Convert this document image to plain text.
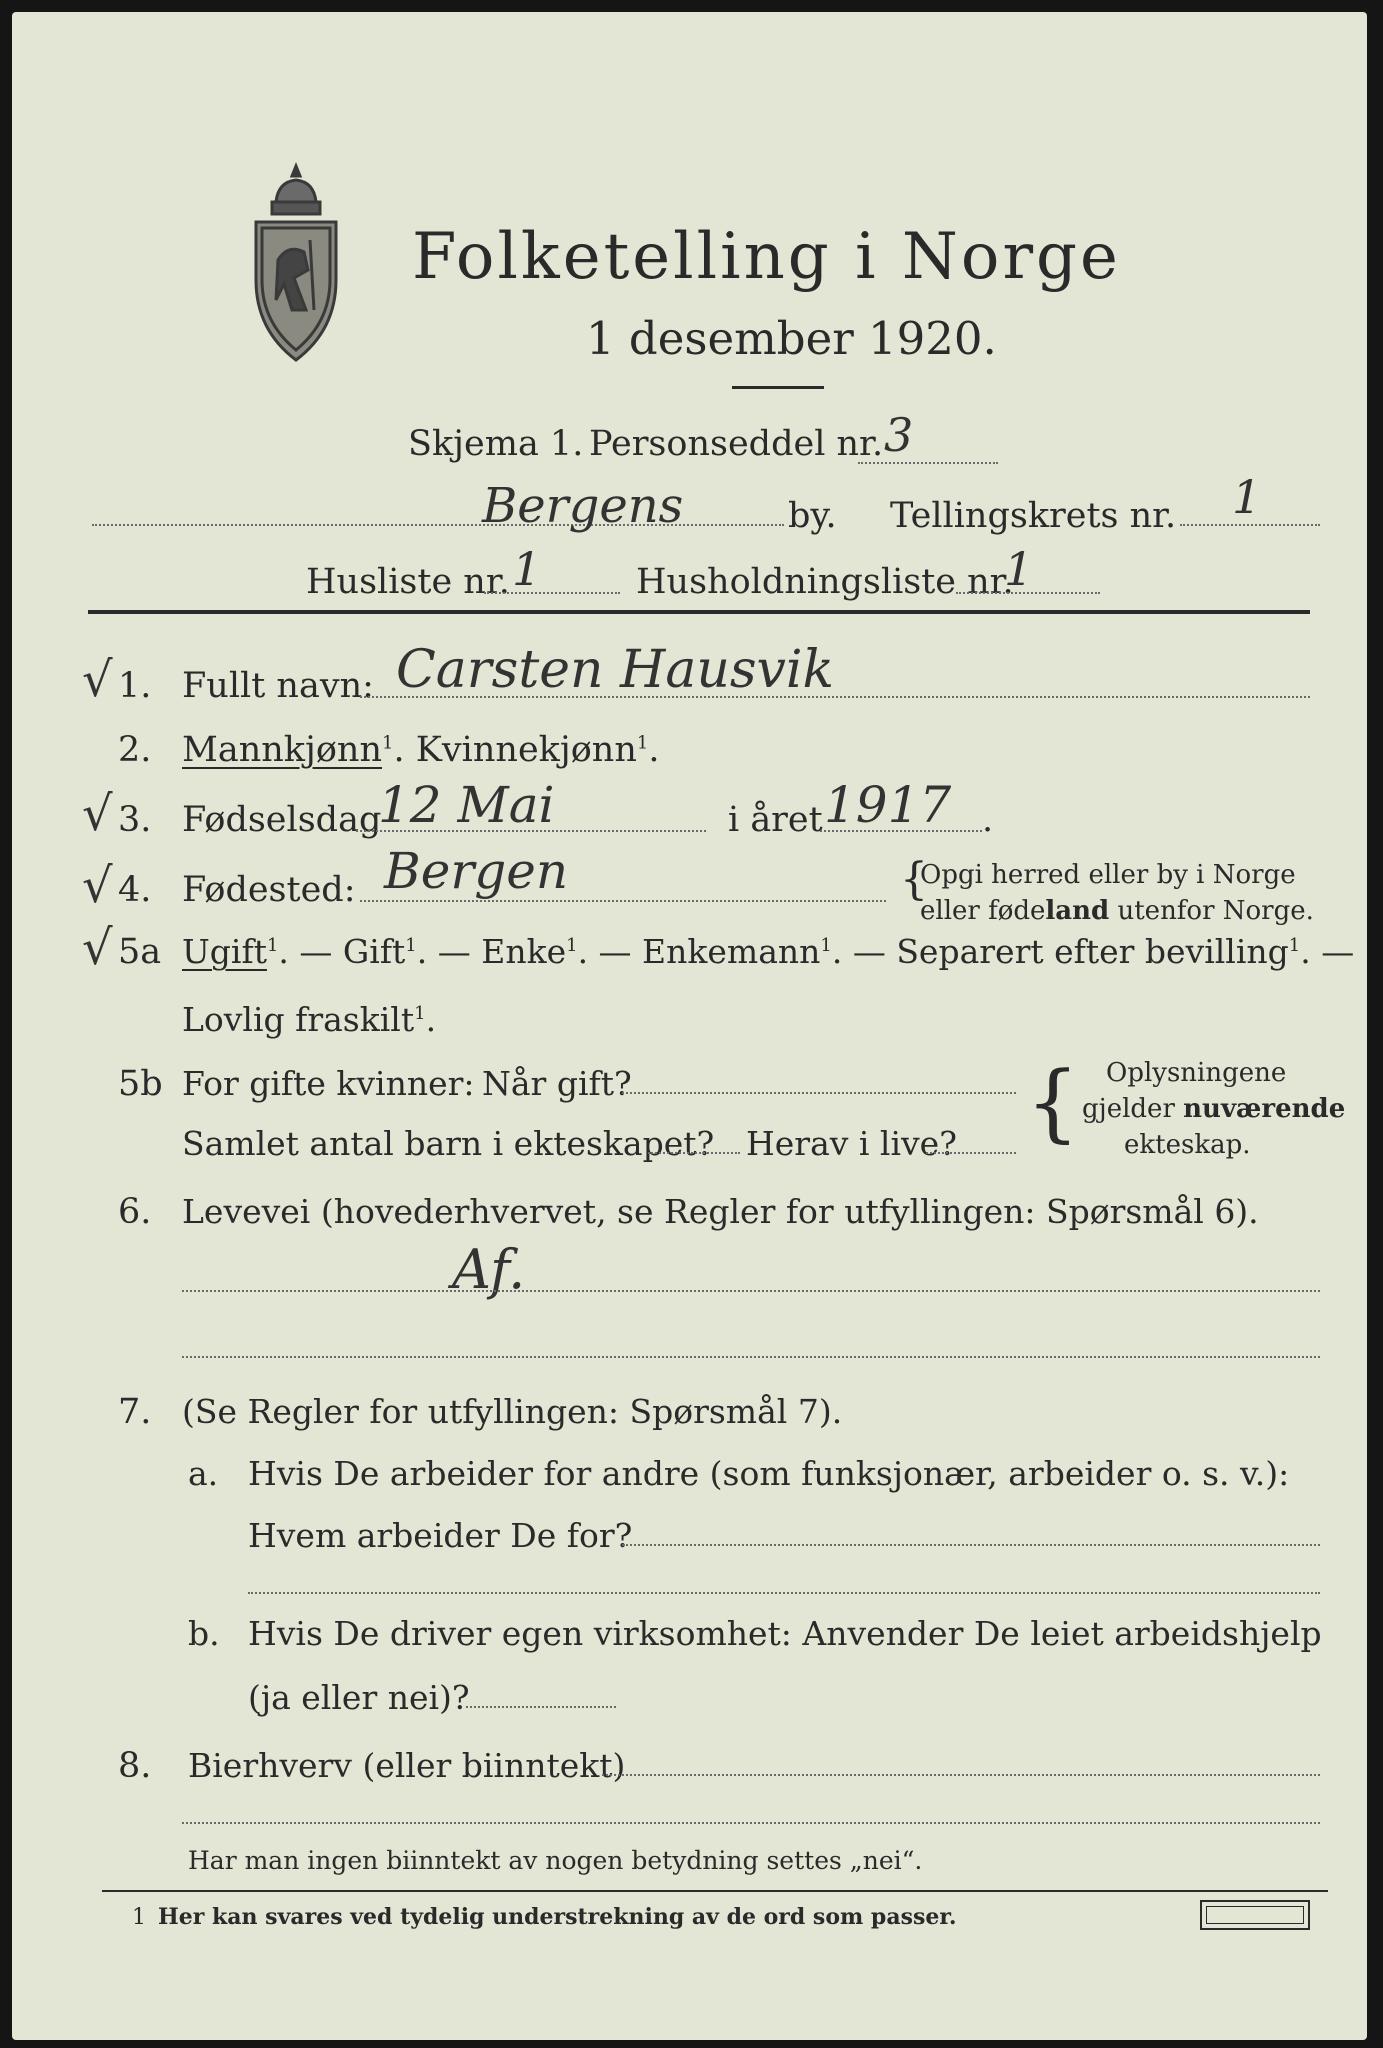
Folketelling i Norge
1 desember 1920.
Skjema 1. Personseddel nr. 3
Bergens	by. Tellingskrets nr. 1
Husliste nr. 1	Husholdningsliste nr.
1
√ 1. Fullt navn: Carsten Hausvik
2. Mannkjønn$^1$. Kvinnekjønn$^1$.
√ 3. Fødselsdag
12 Mai	i året 1917 .
√ 4. Fødested: Bergen	{
Opgi herred eller by i Norge
eller fødeland utenfor Norge.
√ 5a Ugift$^1$. — Gift$^1$. — Enke$^1$. — Enkemann$^1$. — Separert efter bevilling$^1$. —
Lovlig fraskilt$^1$.
5b For gifte kvinner: Når gift?
Samlet antal barn i ekteskapet? Herav i live? { Oplysningene
gjelder nuværende
ekteskap.
6. Levevei (hovederhvervet, se Regler for utfyllingen: Spørsmål 6).
Af.
7. (Se Regler for utfyllingen: Spørsmål 7).
a. Hvis De arbeider for andre (som funksjonær, arbeider o. s. v.):
Hvem arbeider De for?
b. Hvis De driver egen virksomhet: Anvender De leiet arbeidshjelp
(ja eller nei)?
8. Bierhverv (eller biinntekt)
Har man ingen biinntekt av nogen betydning settes „nei“.
1 Her kan svares ved tydelig understrekning av de ord som passer.
